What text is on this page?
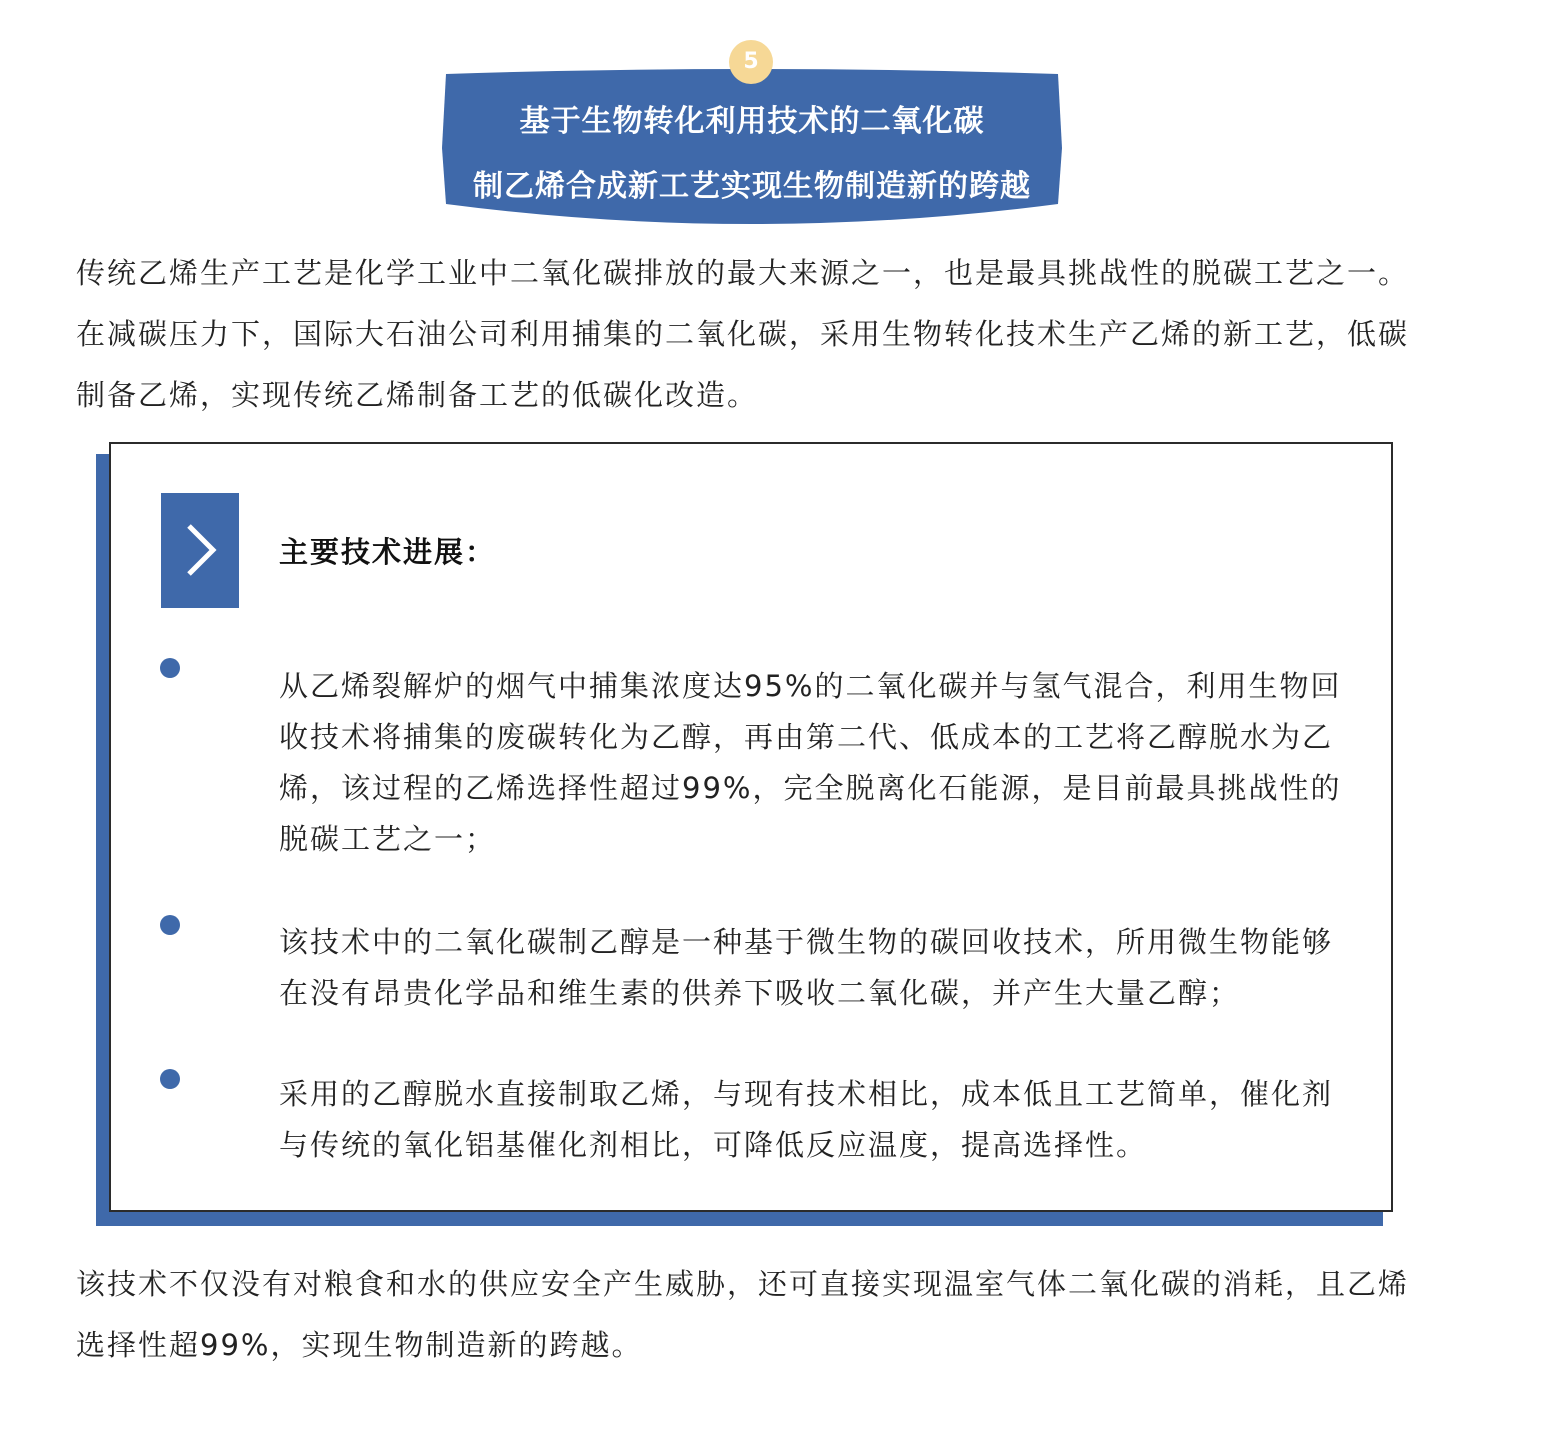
5
基于生物转化利用技术的二氧化碳
制乙烯合成新工艺实现生物制造新的跨越

传统乙烯生产工艺是化学工业中二氧化碳排放的最大来源之一，也是最具挑战性的脱碳工艺之一。在减碳压力下，国际大石油公司利用捕集的二氧化碳，采用生物转化技术生产乙烯的新工艺，低碳制备乙烯，实现传统乙烯制备工艺的低碳化改造。

主要技术进展：

从乙烯裂解炉的烟气中捕集浓度达95%的二氧化碳并与氢气混合，利用生物回收技术将捕集的废碳转化为乙醇，再由第二代、低成本的工艺将乙醇脱水为乙烯，该过程的乙烯选择性超过99%，完全脱离化石能源，是目前最具挑战性的脱碳工艺之一；

该技术中的二氧化碳制乙醇是一种基于微生物的碳回收技术，所用微生物能够在没有昂贵化学品和维生素的供养下吸收二氧化碳，并产生大量乙醇；

采用的乙醇脱水直接制取乙烯，与现有技术相比，成本低且工艺简单，催化剂与传统的氧化铝基催化剂相比，可降低反应温度，提高选择性。

该技术不仅没有对粮食和水的供应安全产生威胁，还可直接实现温室气体二氧化碳的消耗，且乙烯选择性超99%，实现生物制造新的跨越。
